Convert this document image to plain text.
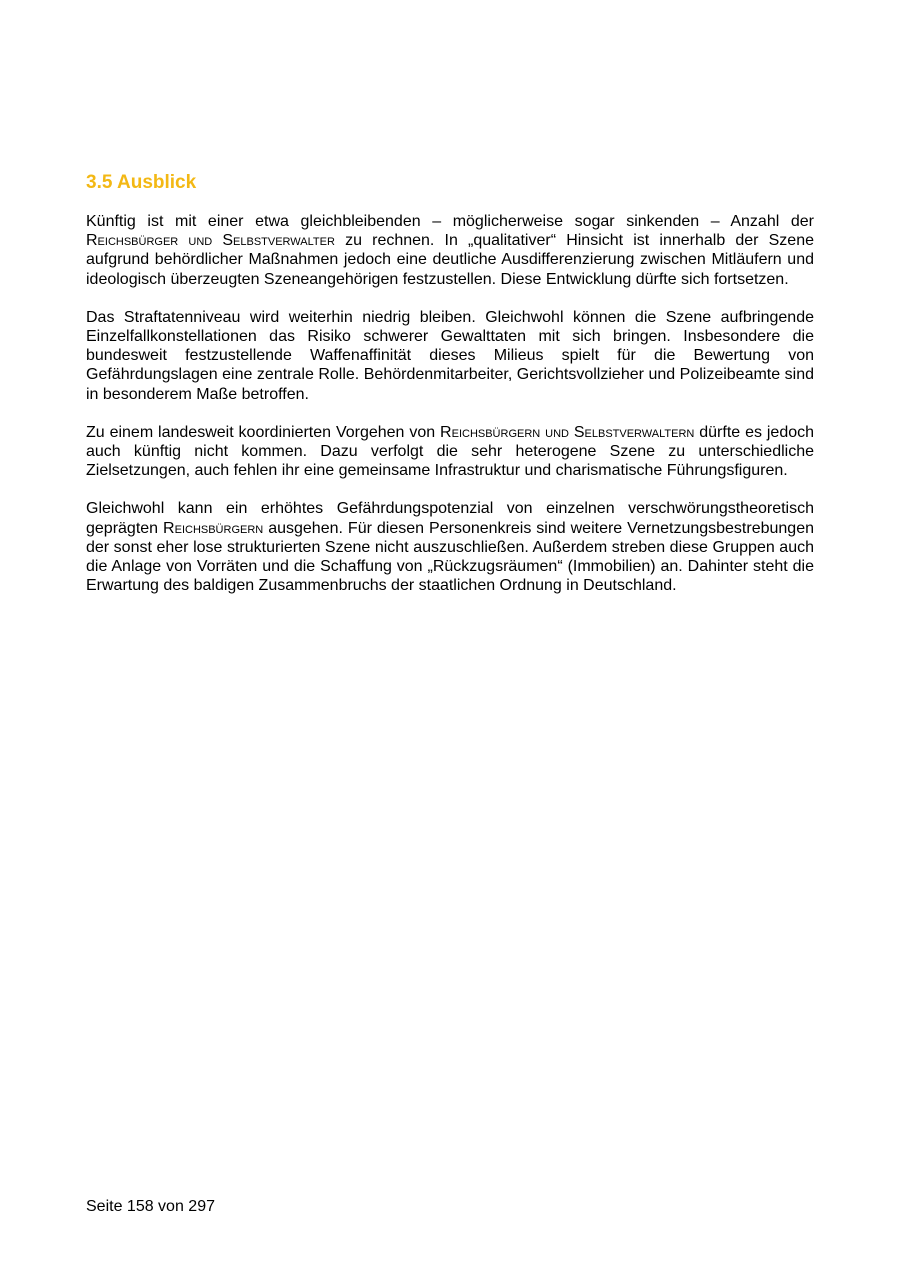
3.5 Ausblick

Künftig ist mit einer etwa gleichbleibenden – möglicherweise sogar sinkenden – Anzahl der Reichsbürger und Selbstverwalter zu rechnen. In „qualitativer“ Hinsicht ist innerhalb der Szene aufgrund behördlicher Maßnahmen jedoch eine deutliche Ausdifferenzierung zwischen Mitläufern und ideologisch überzeugten Szeneangehörigen festzustellen. Diese Entwicklung dürfte sich fortsetzen.

Das Straftatenniveau wird weiterhin niedrig bleiben. Gleichwohl können die Szene aufbringende Einzelfallkonstellationen das Risiko schwerer Gewalttaten mit sich bringen. Insbesondere die bundesweit festzustellende Waffenaffinität dieses Milieus spielt für die Bewertung von Gefährdungslagen eine zentrale Rolle. Behördenmitarbeiter, Gerichtsvollzieher und Polizeibeamte sind in besonderem Maße betroffen.

Zu einem landesweit koordinierten Vorgehen von Reichsbürgern und Selbstverwaltern dürfte es jedoch auch künftig nicht kommen. Dazu verfolgt die sehr heterogene Szene zu unterschiedliche Zielsetzungen, auch fehlen ihr eine gemeinsame Infrastruktur und charismatische Führungsfiguren.

Gleichwohl kann ein erhöhtes Gefährdungspotenzial von einzelnen verschwörungstheoretisch geprägten Reichsbürgern ausgehen. Für diesen Personenkreis sind weitere Vernetzungsbestrebungen der sonst eher lose strukturierten Szene nicht auszuschließen. Außerdem streben diese Gruppen auch die Anlage von Vorräten und die Schaffung von „Rückzugsräumen“ (Immobilien) an. Dahinter steht die Erwartung des baldigen Zusammenbruchs der staatlichen Ordnung in Deutschland.

Seite 158 von 297
